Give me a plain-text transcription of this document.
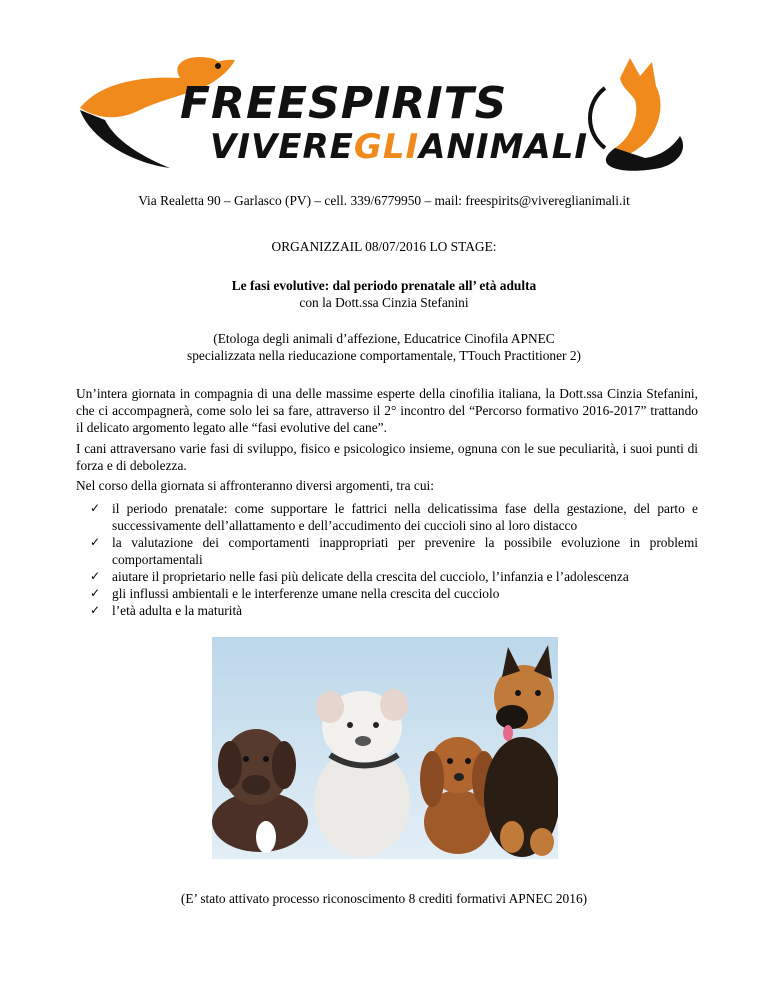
FREESPIRITS
VIVEREGLIANIMALI
Via Realetta 90 – Garlasco (PV) – cell. 339/6779950 – mail: freespirits@vivereglianimali.it
ORGANIZZAIL 08/07/2016 LO STAGE:
Le fasi evolutive: dal periodo prenatale all’ età adulta
con la Dott.ssa Cinzia Stefanini
(Etologa degli animali d’affezione, Educatrice Cinofila APNEC
specializzata nella rieducazione comportamentale, TTouch Practitioner 2)
Un’intera giornata in compagnia di una delle massime esperte della cinofilia italiana, la Dott.ssa Cinzia Stefanini, che ci accompagnerà, come solo lei sa fare, attraverso il 2° incontro del “Percorso formativo 2016-2017” trattando il delicato argomento legato alle “fasi evolutive del cane”.
I cani attraversano varie fasi di sviluppo, fisico e psicologico insieme, ognuna con le sue peculiarità, i suoi punti di forza e di debolezza.
Nel corso della giornata si affronteranno diversi argomenti, tra cui:
✓ il periodo prenatale: come supportare le fattrici nella delicatissima fase della gestazione, del parto e successivamente dell’allattamento e dell’accudimento dei cuccioli sino al loro distacco
✓ la valutazione dei comportamenti inappropriati per prevenire la possibile evoluzione in problemi comportamentali
✓ aiutare il proprietario nelle fasi più delicate della crescita del cucciolo, l’infanzia e l’adolescenza
✓ gli influssi ambientali e le interferenze umane nella crescita del cucciolo
✓ l’età adulta e la maturità
(E’ stato attivato processo riconoscimento 8 crediti formativi APNEC 2016)
